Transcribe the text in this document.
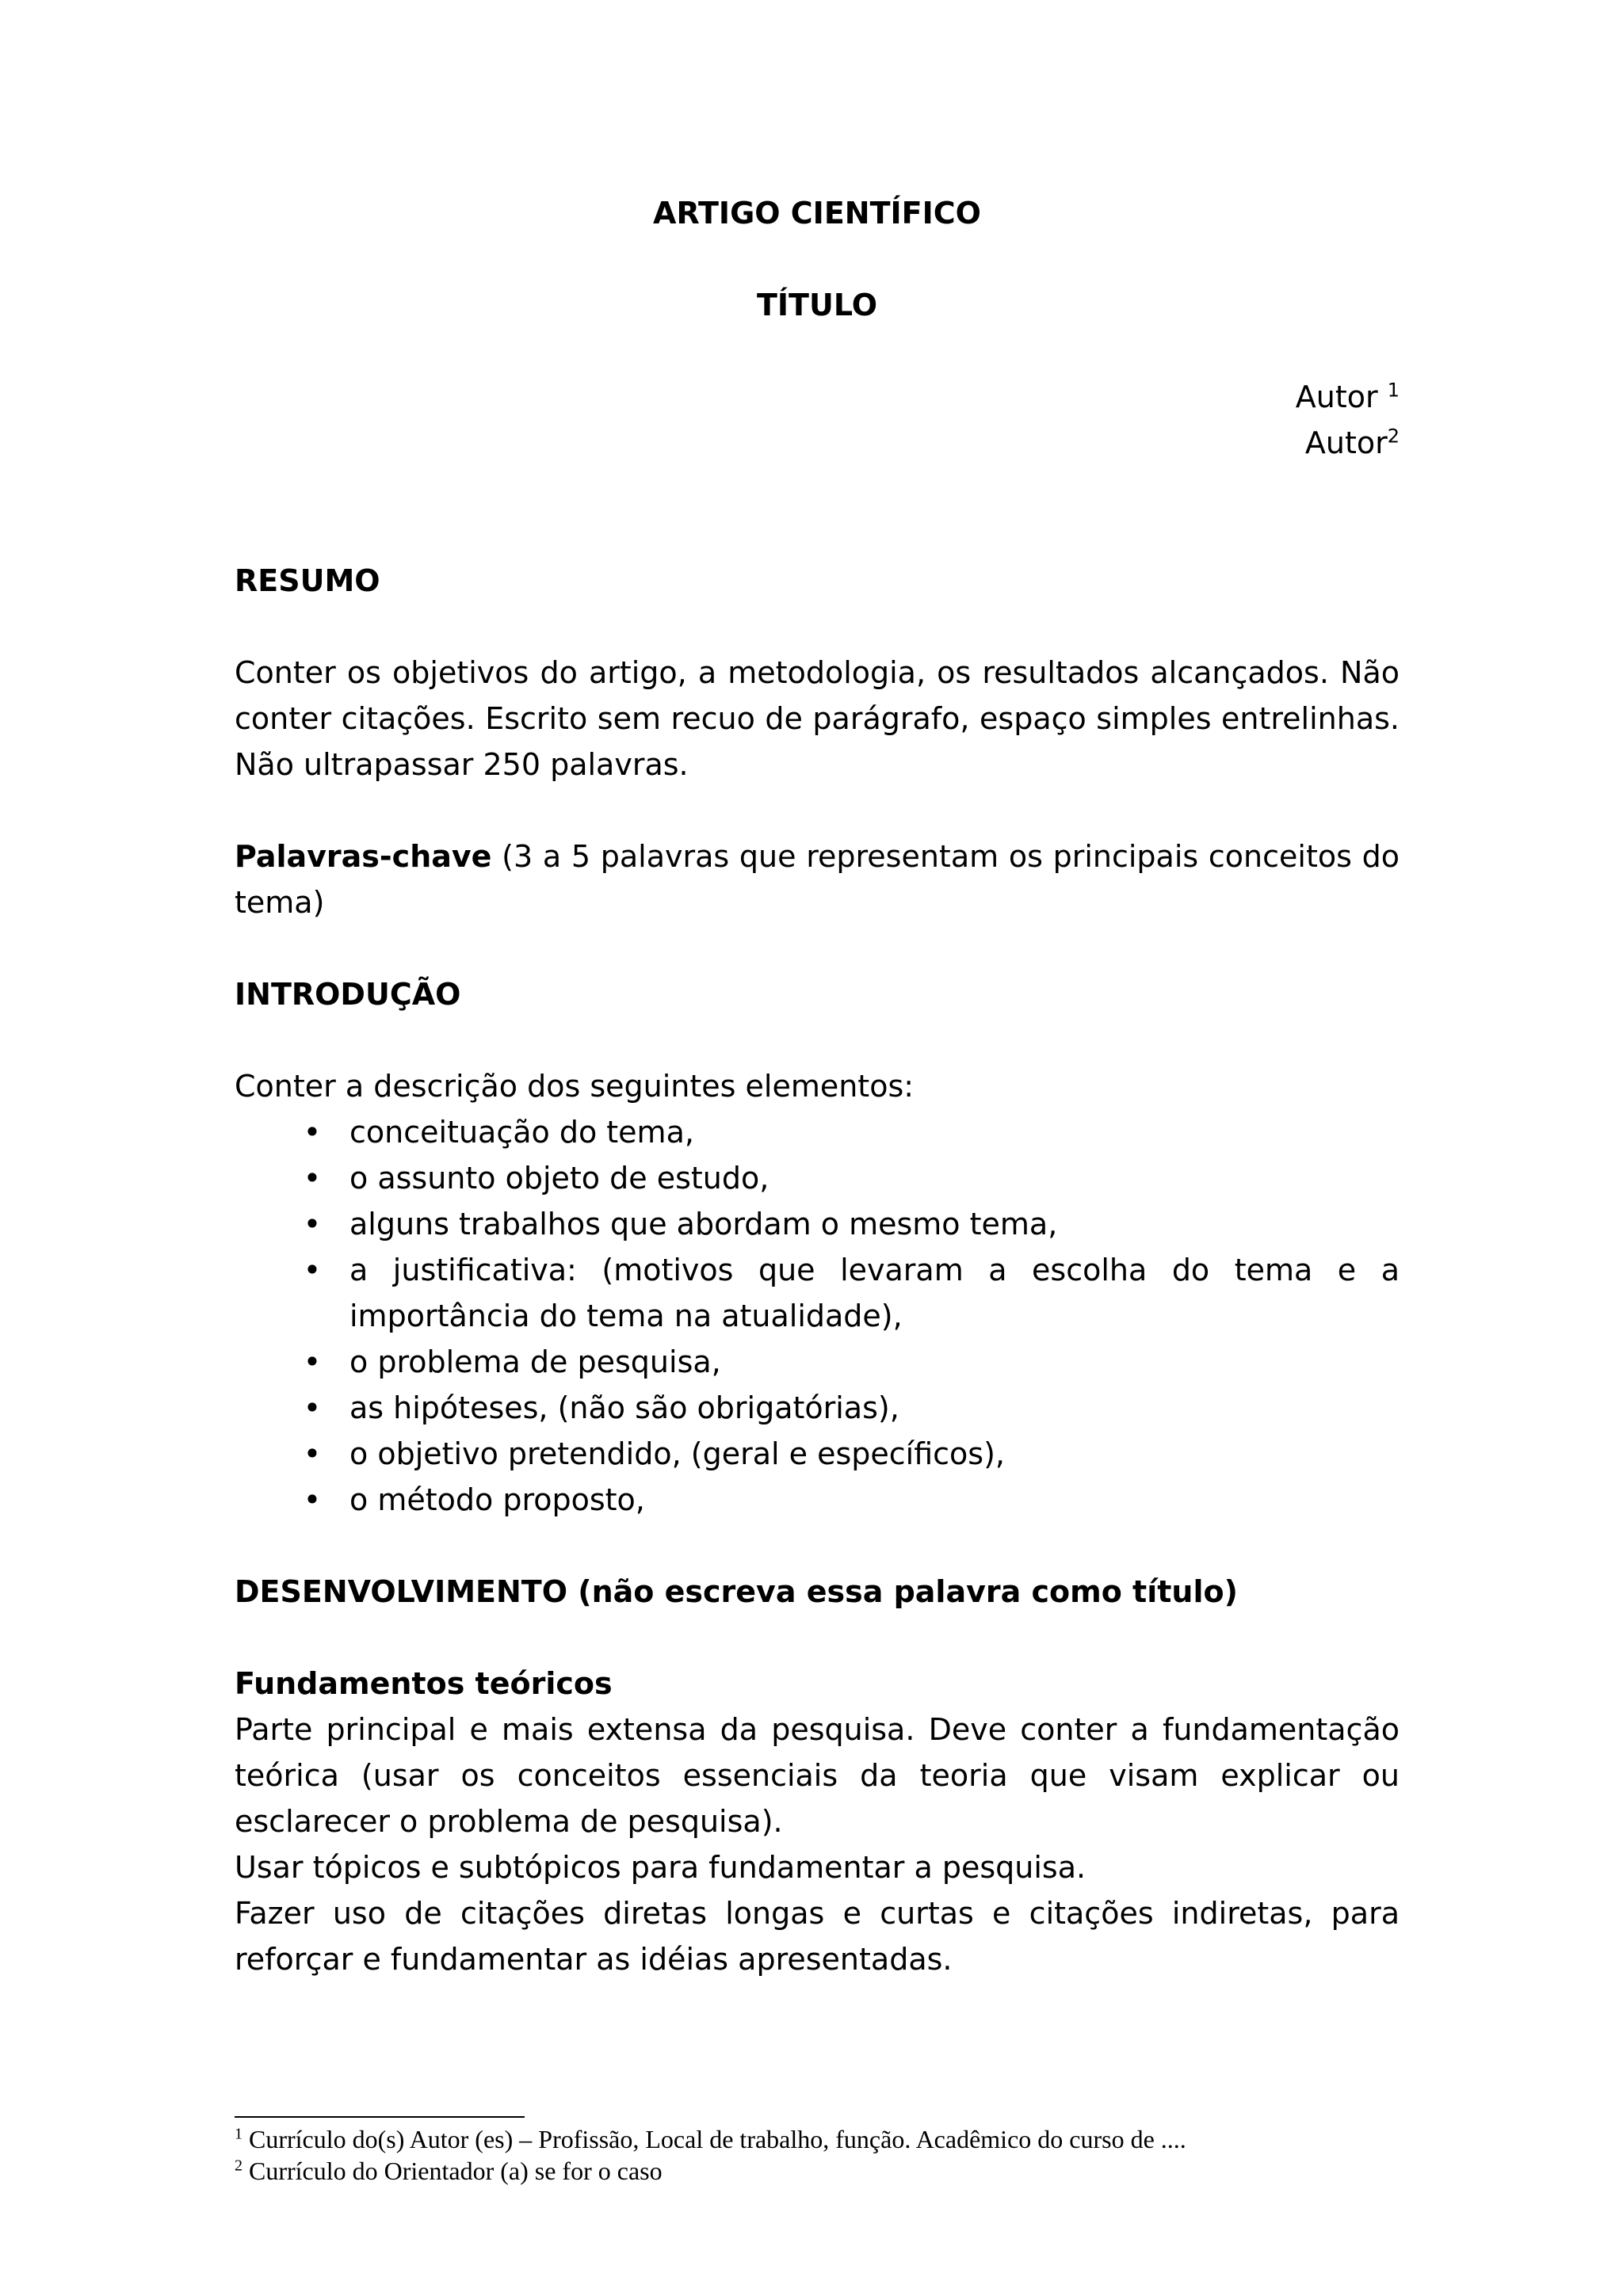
ARTIGO CIENTÍFICO
TÍTULO
Autor $^1$
Autor$^2$
RESUMO

Conter os objetivos do artigo, a metodologia, os resultados alcançados. Não conter citações. Escrito sem recuo de parágrafo, espaço simples entrelinhas. Não ultrapassar 250 palavras.

Palavras-chave (3 a 5 palavras que representam os principais conceitos do tema)

INTRODUÇÃO

Conter a descrição dos seguintes elementos:

• conceituação do tema,
• o assunto objeto de estudo,
• alguns trabalhos que abordam o mesmo tema,
• a justificativa: (motivos que levaram a escolha do tema e a importância do tema na atualidade),
• o problema de pesquisa,
• as hipóteses, (não são obrigatórias),
• o objetivo pretendido, (geral e específicos),
• o método proposto,
DESENVOLVIMENTO (não escreva essa palavra como título)
Fundamentos teóricos

Parte principal e mais extensa da pesquisa. Deve conter a fundamentação teórica (usar os conceitos essenciais da teoria que visam explicar ou esclarecer o problema de pesquisa).

Usar tópicos e subtópicos para fundamentar a pesquisa.

Fazer uso de citações diretas longas e curtas e citações indiretas, para reforçar e fundamentar as idéias apresentadas.

$^1$ Currículo do(s) Autor (es) – Profissão, Local de trabalho, função. Acadêmico do curso de ....
$^2$ Currículo do Orientador (a) se for o caso
